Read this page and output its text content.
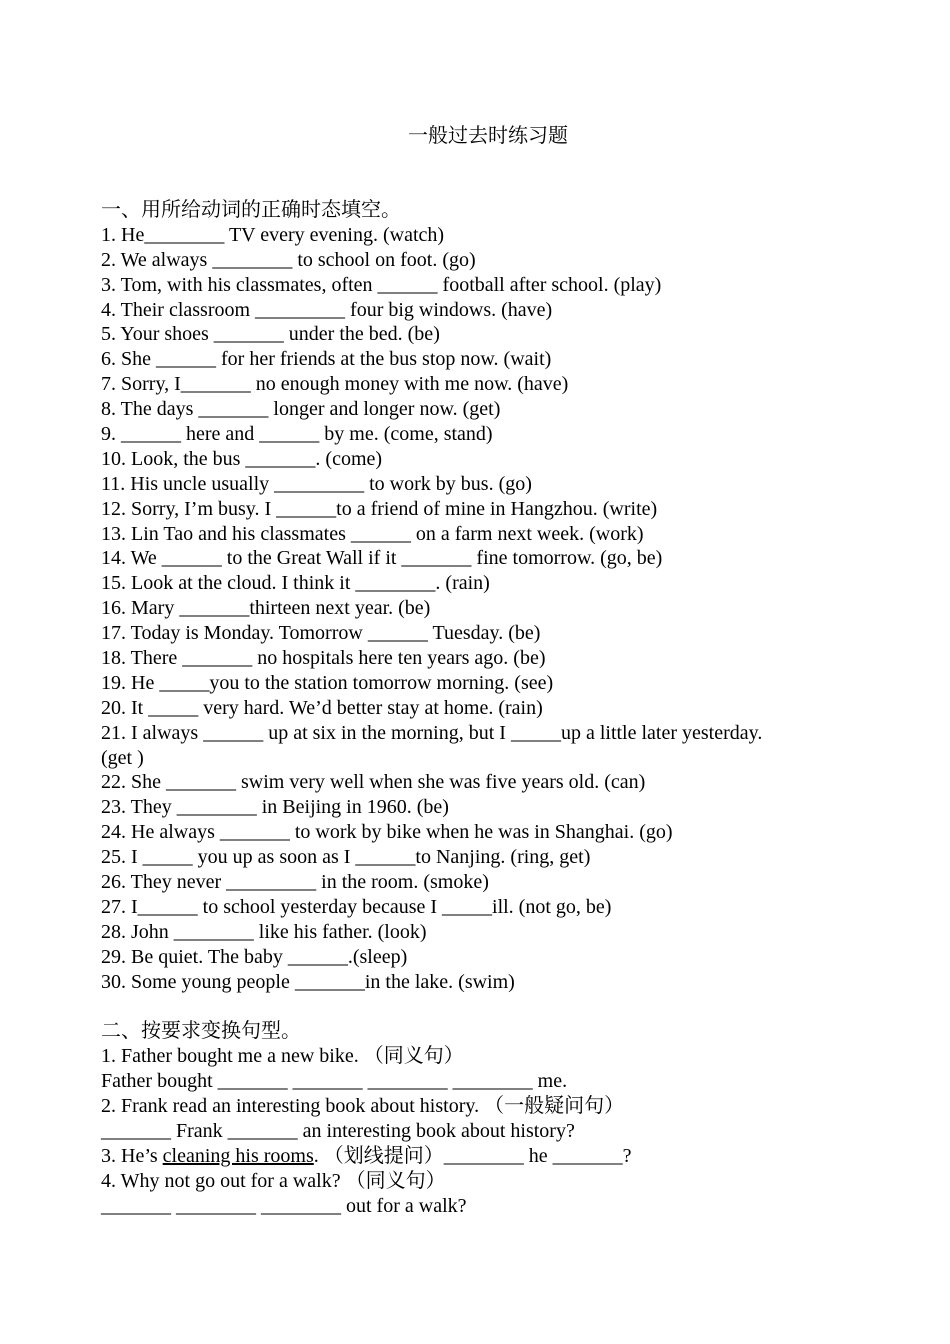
一般过去时练习题
一、用所给动词的正确时态填空。
1. He________ TV every evening. (watch)
2. We always ________ to school on foot. (go)
3. Tom, with his classmates, often ______ football after school. (play)
4. Their classroom _________ four big windows. (have)
5. Your shoes _______ under the bed. (be)
6. She ______ for her friends at the bus stop now. (wait)
7. Sorry, I_______ no enough money with me now. (have)
8. The days _______ longer and longer now. (get)
9. ______ here and ______ by me. (come, stand)
10. Look, the bus _______. (come)
11. His uncle usually _________ to work by bus. (go)
12. Sorry, I’m busy. I ______to a friend of mine in Hangzhou. (write)
13. Lin Tao and his classmates ______ on a farm next week. (work)
14. We ______ to the Great Wall if it _______ fine tomorrow. (go, be)
15. Look at the cloud. I think it ________. (rain)
16. Mary _______thirteen next year. (be)
17. Today is Monday. Tomorrow ______ Tuesday. (be)
18. There _______ no hospitals here ten years ago. (be)
19. He _____you to the station tomorrow morning. (see)
20. It _____ very hard. We’d better stay at home. (rain)
21. I always ______ up at six in the morning, but I _____up a little later yesterday.
(get )
22. She _______ swim very well when she was five years old. (can)
23. They ________ in Beijing in 1960. (be)
24. He always _______ to work by bike when he was in Shanghai. (go)
25. I _____ you up as soon as I ______to Nanjing. (ring, get)
26. They never _________ in the room. (smoke)
27. I______ to school yesterday because I _____ill. (not go, be)
28. John ________ like his father. (look)
29. Be quiet. The baby ______.(sleep)
30. Some young people _______in the lake. (swim)
二、按要求变换句型。
1. Father bought me a new bike. （同义句）
Father bought _______ _______ ________ ________ me.
2. Frank read an interesting book about history. （一般疑问句）
_______ Frank _______ an interesting book about history?
3. He’s cleaning his rooms. （划线提问）________ he _______?
4. Why not go out for a walk? （同义句）
_______ ________ ________ out for a walk?
